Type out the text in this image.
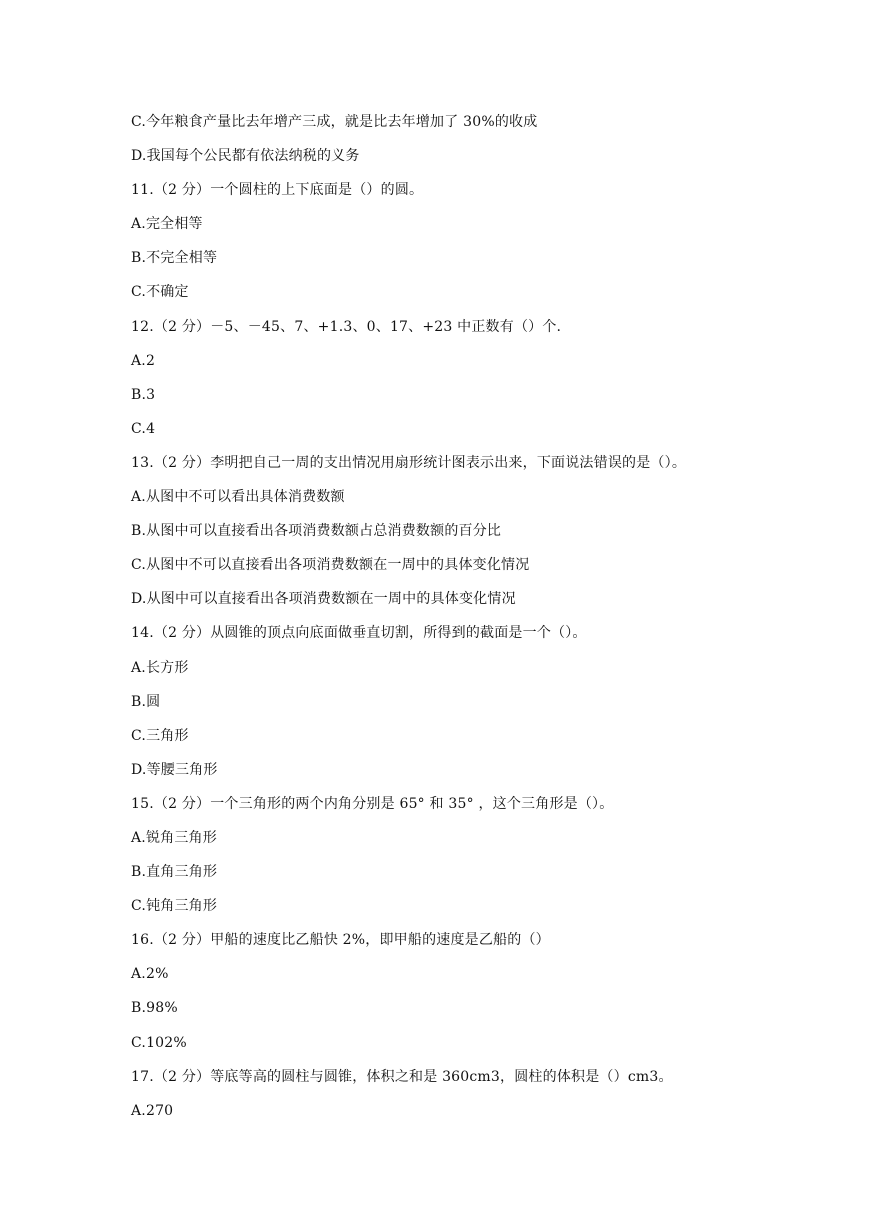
C.今年粮食产量比去年增产三成，就是比去年增加了 30%的收成
D.我国每个公民都有依法纳税的义务
11.（2 分）一个圆柱的上下底面是（）的圆。
A.完全相等
B.不完全相等
C.不确定
12.（2 分）－5、－45、7、+1.3、0、17、+23 中正数有（）个.
A.2
B.3
C.4
13.（2 分）李明把自己一周的支出情况用扇形统计图表示出来，下面说法错误的是（）。
A.从图中不可以看出具体消费数额
B.从图中可以直接看出各项消费数额占总消费数额的百分比
C.从图中不可以直接看出各项消费数额在一周中的具体变化情况
D.从图中可以直接看出各项消费数额在一周中的具体变化情况
14.（2 分）从圆锥的顶点向底面做垂直切割，所得到的截面是一个（）。
A.长方形
B.圆
C.三角形
D.等腰三角形
15.（2 分）一个三角形的两个内角分别是 65° 和 35° ，这个三角形是（）。
A.锐角三角形
B.直角三角形
C.钝角三角形
16.（2 分）甲船的速度比乙船快 2%，即甲船的速度是乙船的（）
A.2%
B.98%
C.102%
17.（2 分）等底等高的圆柱与圆锥，体积之和是 360cm3，圆柱的体积是（）cm3。
A.270
